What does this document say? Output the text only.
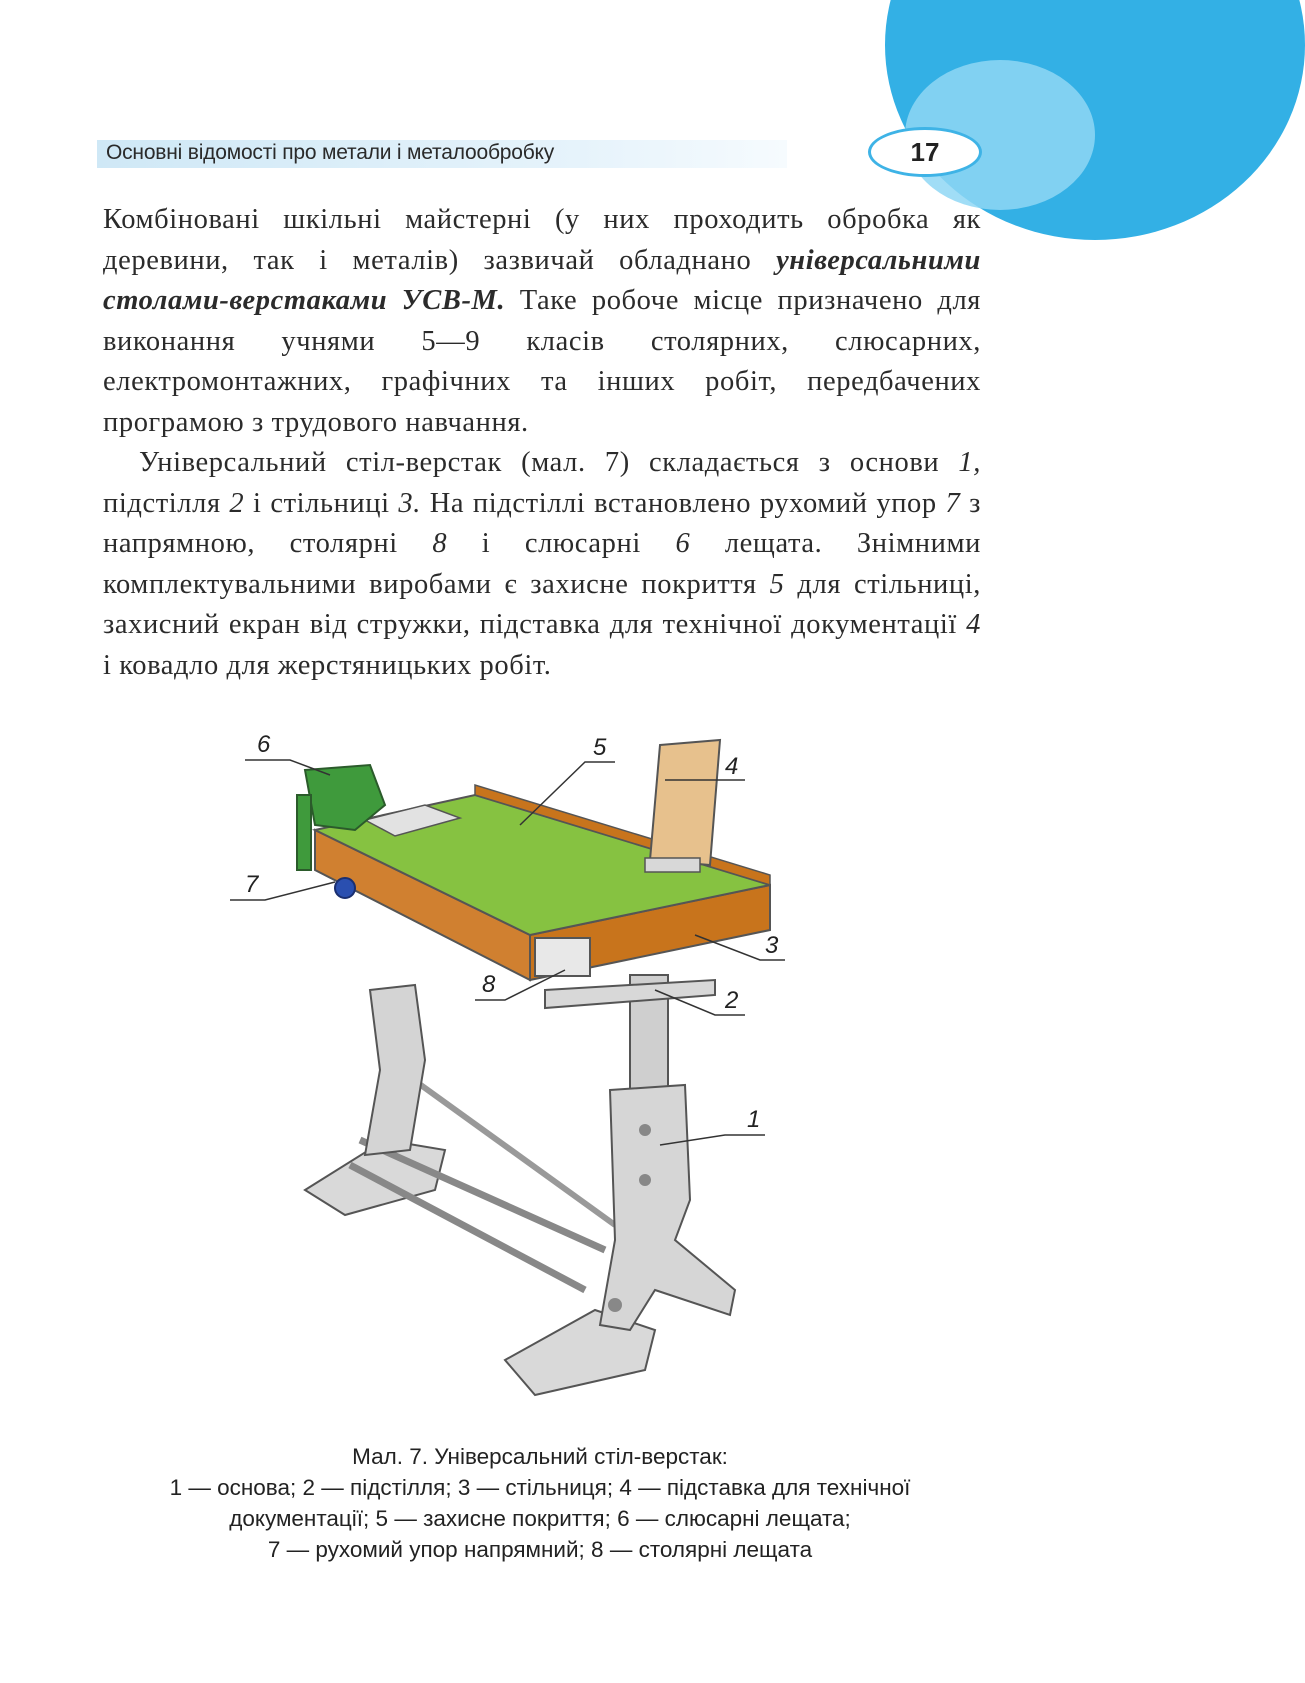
Основні відомості про метали і металообробку	17

Комбіновані шкільні майстерні (у них проходить обробка як деревини, так і металів) зазвичай обладнано універсальними столами-верстаками УСВ-М. Таке робоче місце призначено для виконання учнями 5—9 класів столярних, слюсарних, електромонтажних, графічних та інших робіт, передбачених програмою з трудового навчання.

Універсальний стіл-верстак (мал. 7) складається з основи 1, підстілля 2 і стільниці 3. На підстіллі встановлено рухомий упор 7 з напрямною, столярні 8 і слюсарні 6 лещата. Знімними комплектувальними виробами є захисне покриття 5 для стільниці, захисний екран від стружки, підставка для технічної документації 4 і ковадло для жерстяницьких робіт.

6	5
4
7
3
8
2
1
Мал. 7. Універсальний стіл-верстак:
1 — основа; 2 — підстілля; 3 — стільниця; 4 — підставка для технічної документації; 5 — захисне покриття; 6 — слюсарні лещата;
7 — рухомий упор напрямний; 8 — столярні лещата
